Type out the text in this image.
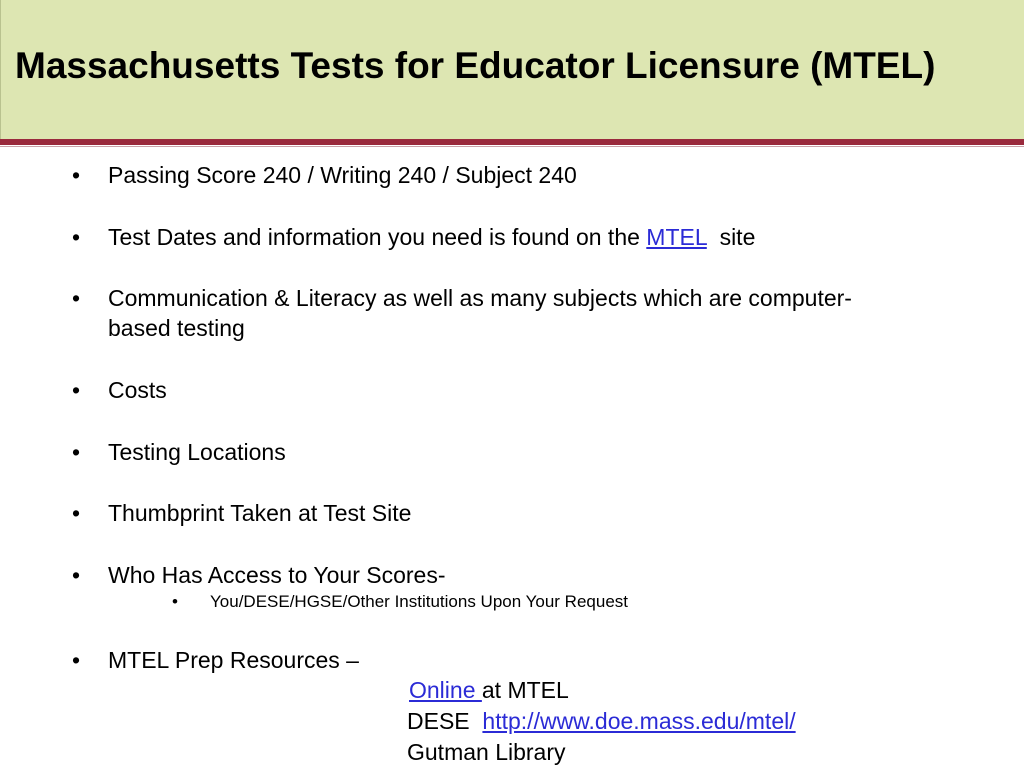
Massachusetts Tests for Educator Licensure (MTEL)
• Passing Score 240 / Writing 240 / Subject 240
• Test Dates and information you need is found on the MTEL  site
• Communication & Literacy as well as many subjects which are computer-
based testing
• Costs
• Testing Locations
• Thumbprint Taken at Test Site
• Who Has Access to Your Scores-
• You/DESE/HGSE/Other Institutions Upon Your Request
• MTEL Prep Resources –
Online at MTEL
DESE  http://www.doe.mass.edu/mtel/
Gutman Library
